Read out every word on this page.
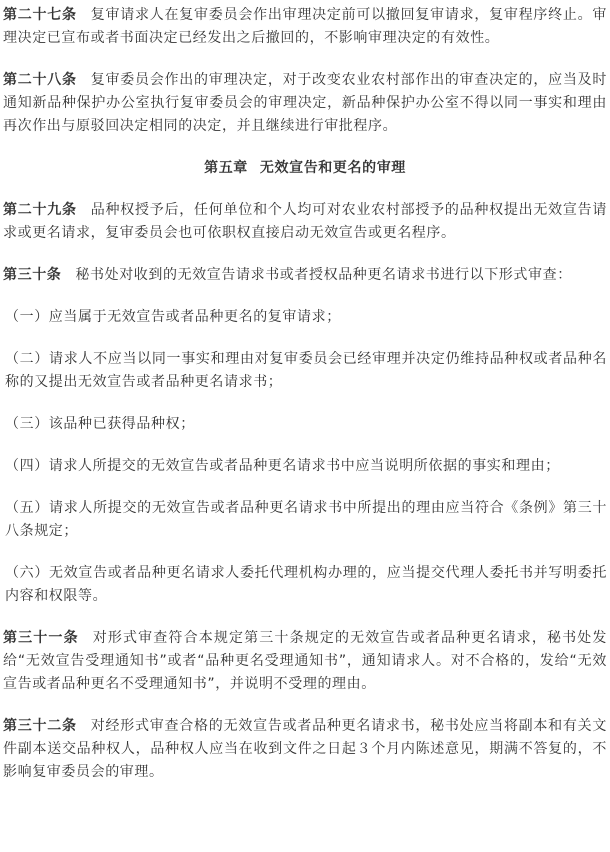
第二十七条 复审请求人在复审委员会作出审理决定前可以撤回复审请求，复审程序终止。审理决定已宣布或者书面决定已经发出之后撤回的，不影响审理决定的有效性。

第二十八条 复审委员会作出的审理决定，对于改变农业农村部作出的审查决定的，应当及时通知新品种保护办公室执行复审委员会的审理决定，新品种保护办公室不得以同一事实和理由再次作出与原驳回决定相同的决定，并且继续进行审批程序。

第五章 无效宣告和更名的审理

第二十九条 品种权授予后，任何单位和个人均可对农业农村部授予的品种权提出无效宣告请求或更名请求，复审委员会也可依职权直接启动无效宣告或更名程序。

第三十条 秘书处对收到的无效宣告请求书或者授权品种更名请求书进行以下形式审查：

（一）应当属于无效宣告或者品种更名的复审请求；

（二）请求人不应当以同一事实和理由对复审委员会已经审理并决定仍维持品种权或者品种名称的又提出无效宣告或者品种更名请求书；

（三）该品种已获得品种权；

（四）请求人所提交的无效宣告或者品种更名请求书中应当说明所依据的事实和理由；

（五）请求人所提交的无效宣告或者品种更名请求书中所提出的理由应当符合《条例》第三十八条规定；

（六）无效宣告或者品种更名请求人委托代理机构办理的，应当提交代理人委托书并写明委托内容和权限等。

第三十一条 对形式审查符合本规定第三十条规定的无效宣告或者品种更名请求，秘书处发给“无效宣告受理通知书”或者“品种更名受理通知书”，通知请求人。对不合格的，发给“无效宣告或者品种更名不受理通知书”，并说明不受理的理由。

第三十二条 对经形式审查合格的无效宣告或者品种更名请求书，秘书处应当将副本和有关文件副本送交品种权人，品种权人应当在收到文件之日起３个月内陈述意见，期满不答复的，不影响复审委员会的审理。
